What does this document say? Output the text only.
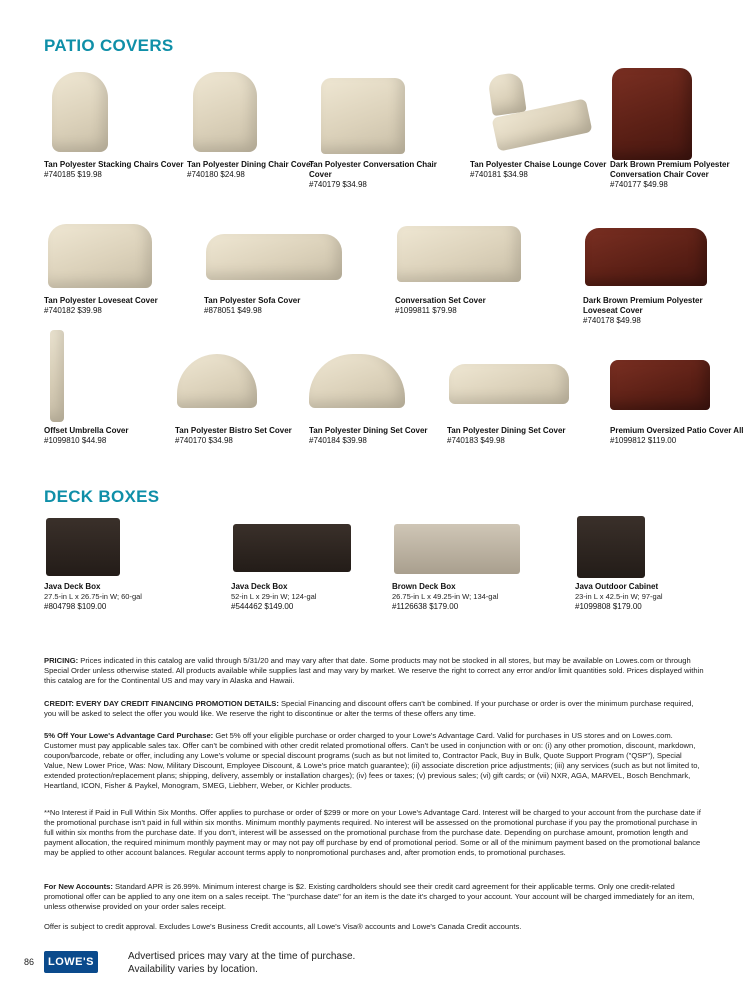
PATIO COVERS
Tan Polyester Stacking Chairs Cover
#740185 $19.98
Tan Polyester Dining Chair Cover
#740180 $24.98
Tan Polyester Conversation Chair Cover
#740179 $34.98
Tan Polyester Chaise Lounge Cover
#740181 $34.98
Dark Brown Premium Polyester Conversation Chair Cover
#740177 $49.98
Tan Polyester Loveseat Cover
#740182 $39.98
Tan Polyester Sofa Cover
#878051 $49.98
Conversation Set Cover
#1099811 $79.98
Dark Brown Premium Polyester Loveseat Cover
#740178 $49.98
Offset Umbrella Cover
#1099810 $44.98
Tan Polyester Bistro Set Cover
#740170 $34.98
Tan Polyester Dining Set Cover
#740184 $39.98
Tan Polyester Dining Set Cover
#740183 $49.98
Premium Oversized Patio Cover All
#1099812 $119.00
DECK BOXES
Java Deck Box
27.5-in L x 26.75-in W; 60-gal
#804798 $109.00
Java Deck Box
52-in L x 29-in W; 124-gal
#544462 $149.00
Brown Deck Box
26.75-in L x 49.25-in W; 134-gal
#1126638 $179.00
Java Outdoor Cabinet
23-in L x 42.5-in W; 97-gal
#1099808 $179.00
PRICING: Prices indicated in this catalog are valid through 5/31/20 and may vary after that date. Some products may not be stocked in all stores, but may be available on Lowes.com or through Special Order unless otherwise stated. All products available while supplies last and may vary by market. We reserve the right to correct any error and/or limit quantities sold. Prices displayed within this catalog are for the Continental US and may vary in Alaska and Hawaii.
CREDIT: EVERY DAY CREDIT FINANCING PROMOTION DETAILS: Special Financing and discount offers can't be combined. If your purchase or order is over the minimum purchase required, you will be asked to select the offer you would like. We reserve the right to discontinue or alter the terms of these offers any time.
5% Off Your Lowe's Advantage Card Purchase: Get 5% off your eligible purchase or order charged to your Lowe's Advantage Card. Valid for purchases in US stores and on Lowes.com. Customer must pay applicable sales tax. Offer can't be combined with other credit related promotional offers. Can't be used in conjunction with or on: (i) any other promotion, discount, markdown, coupon/barcode, rebate or offer, including any Lowe's volume or special discount programs (such as but not limited to, Contractor Pack, Buy in Bulk, Quote Support Program ("QSP"), Special Value, New Lower Price, Was: Now, Military Discount, Employee Discount, & Lowe's price match guarantee); (ii) associate discretion price adjustments; (iii) any services (such as but not limited to, extended protection/replacement plans; shipping, delivery, assembly or installation charges); (iv) fees or taxes; (v) previous sales; (vi) gift cards; or (vii) NXR, AGA, MARVEL, Bosch Benchmark, Heartland, ICON, Fisher & Paykel, Monogram, SMEG, Liebherr, Weber, or Kichler products.
**No Interest if Paid in Full Within Six Months. Offer applies to purchase or order of $299 or more on your Lowe's Advantage Card. Interest will be charged to your account from the purchase date if the promotional purchase isn't paid in full within six months. Minimum monthly payments required. No interest will be assessed on the promotional purchase if you pay the promotional purchase in full within six months from the purchase date. If you don't, interest will be assessed on the promotional purchase from the purchase date. Depending on purchase amount, promotion length and payment allocation, the required minimum monthly payment may or may not pay off purchase by end of promotional period. Some or all of the minimum payment based on the promotional balance may be applied to other account balances. Regular account terms apply to nonpromotional purchases and, after promotion ends, to promotional purchases.
For New Accounts: Standard APR is 26.99%. Minimum interest charge is $2. Existing cardholders should see their credit card agreement for their applicable terms. Only one credit-related promotional offer can be applied to any one item on a sales receipt. The "purchase date" for an item is the date it's charged to your account. Your account will be charged immediately for an item, unless otherwise provided on your order sales receipt.
Offer is subject to credit approval. Excludes Lowe's Business Credit accounts, all Lowe's Visa® accounts and Lowe's Canada Credit accounts.
86	LOWE'S	Advertised prices may vary at the time of purchase.
Availability varies by location.
